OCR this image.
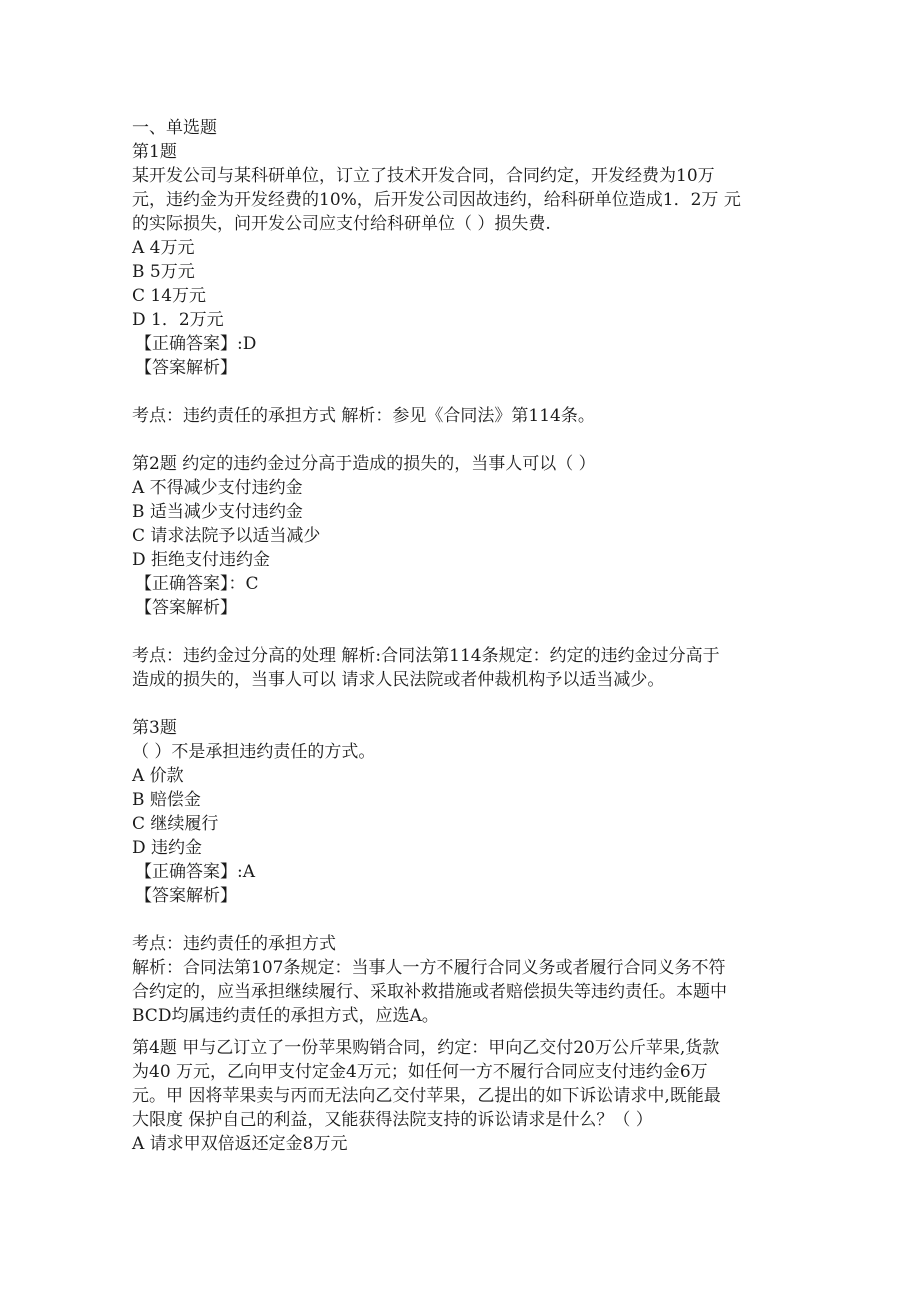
一、单选题
第1题
某开发公司与某科研单位，订立了技术开发合同，合同约定，开发经费为10万
元，违约金为开发经费的10%，后开发公司因故违约，给科研单位造成1．2万 元
的实际损失，问开发公司应支付给科研单位（ ）损失费.
A 4万元
B 5万元
C 14万元
D 1．2万元
【正确答案】:D
【答案解析】
考点：违约责任的承担方式 解析：参见《合同法》第114条。
第2题 约定的违约金过分高于造成的损失的，当事人可以（ ）
A 不得减少支付违约金
B 适当减少支付违约金
C 请求法院予以适当减少
D 拒绝支付违约金
【正确答案】：C
【答案解析】
考点：违约金过分高的处理 解析:合同法第114条规定：约定的违约金过分高于
造成的损失的，当事人可以 请求人民法院或者仲裁机构予以适当减少。
第3题
（ ）不是承担违约责任的方式。
A 价款
B 赔偿金
C 继续履行
D 违约金
【正确答案】:A
【答案解析】
考点：违约责任的承担方式
解析：合同法第107条规定：当事人一方不履行合同义务或者履行合同义务不符
合约定的，应当承担继续履行、采取补救措施或者赔偿损失等违约责任。本题中
BCD均属违约责任的承担方式，应选A。
第4题 甲与乙订立了一份苹果购销合同，约定：甲向乙交付20万公斤苹果,货款
为40 万元，乙向甲支付定金4万元；如任何一方不履行合同应支付违约金6万
元。甲 因将苹果卖与丙而无法向乙交付苹果，乙提出的如下诉讼请求中,既能最
大限度 保护自己的利益，又能获得法院支持的诉讼请求是什么？（ ）
A 请求甲双倍返还定金8万元
